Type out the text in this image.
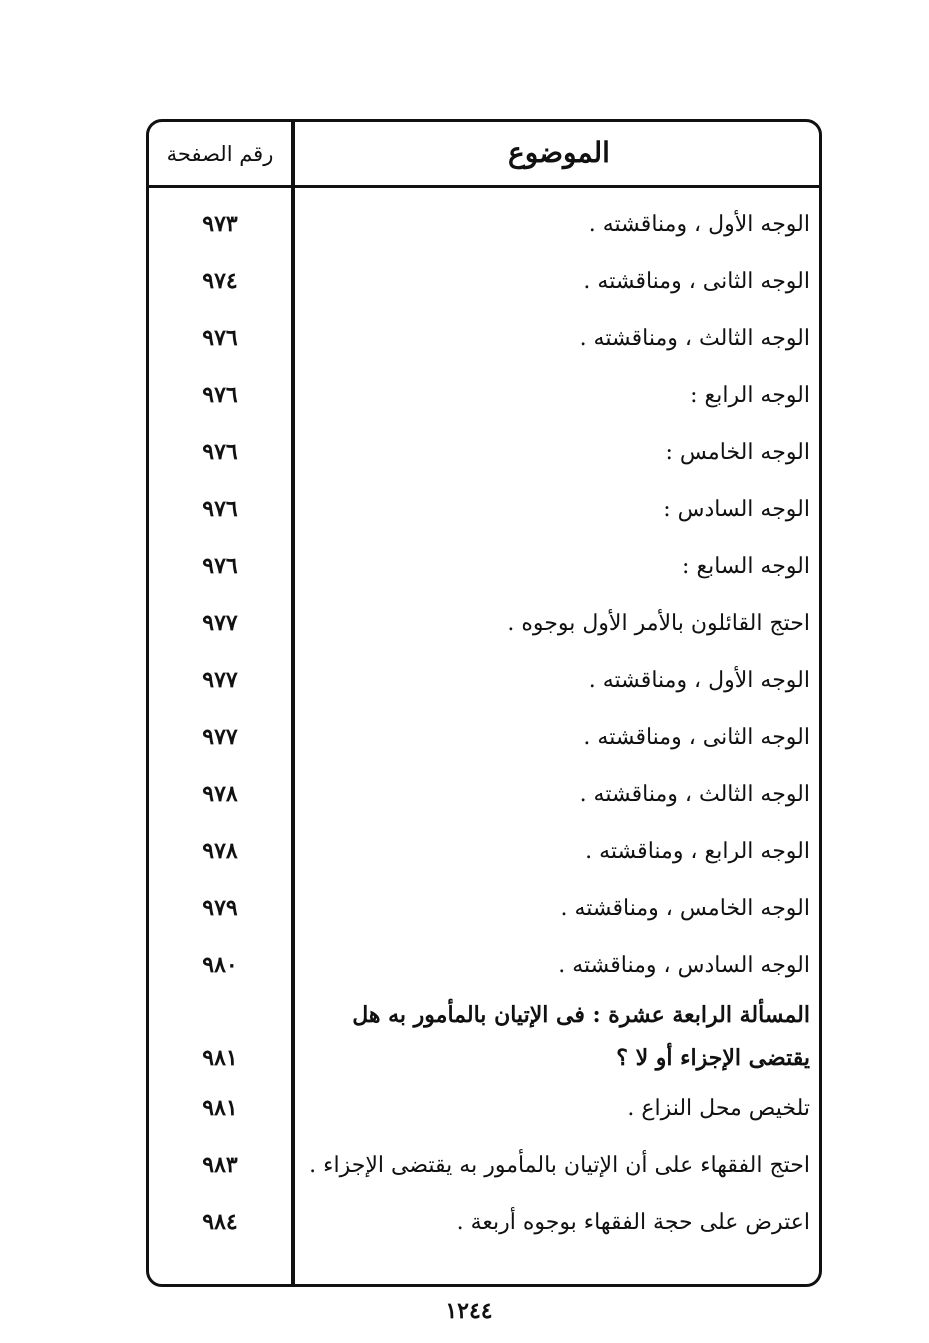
الموضوع
رقم الصفحة
الوجه الأول ، ومناقشته .
٩٧٣
الوجه الثانى ، ومناقشته .
٩٧٤
الوجه الثالث ، ومناقشته .
٩٧٦
الوجه الرابع :
٩٧٦
الوجه الخامس :
٩٧٦
الوجه السادس :
٩٧٦
الوجه السابع :
٩٧٦
احتج القائلون بالأمر الأول بوجوه .
٩٧٧
الوجه الأول ، ومناقشته .
٩٧٧
الوجه الثانى ، ومناقشته .
٩٧٧
الوجه الثالث ، ومناقشته .
٩٧٨
الوجه الرابع ، ومناقشته .
٩٧٨
الوجه الخامس ، ومناقشته .
٩٧٩
الوجه السادس ، ومناقشته .
٩٨٠
المسألة الرابعة عشرة : فى الإتيان بالمأمور به هل يقتضى الإجزاء أو لا ؟
٩٨١
تلخيص محل النزاع .
٩٨١
احتج الفقهاء على أن الإتيان بالمأمور به يقتضى الإجزاء .
٩٨٣
اعترض على حجة الفقهاء بوجوه أربعة .
٩٨٤
١٢٤٤
